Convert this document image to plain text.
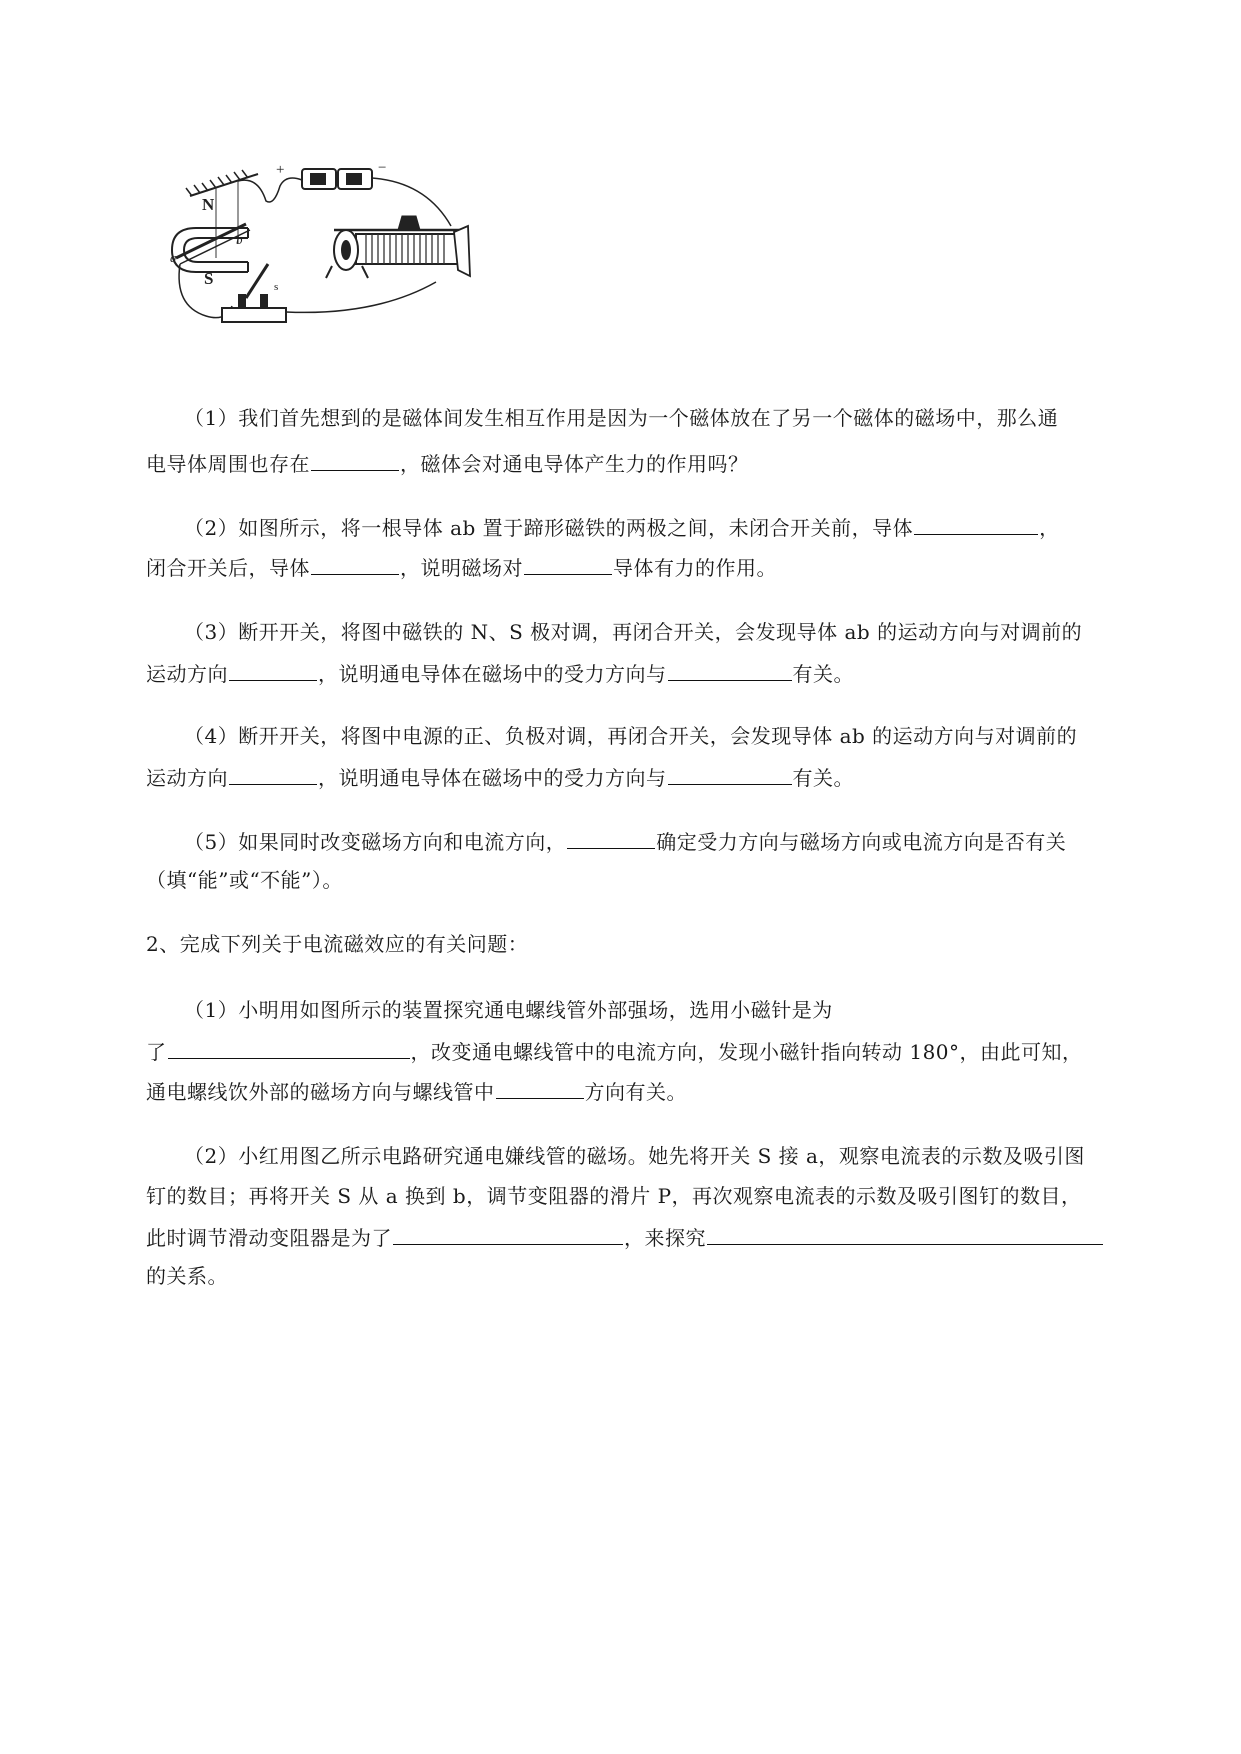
N
S
a
b
+	−
s
（1）我们首先想到的是磁体间发生相互作用是因为一个磁体放在了另一个磁体的磁场中，那么通
电导体周围也存在	，磁体会对通电导体产生力的作用吗？
（2）如图所示，将一根导体 ab 置于蹄形磁铁的两极之间，未闭合开关前，导体	，
闭合开关后，导体	，说明磁场对	导体有力的作用。
（3）断开开关，将图中磁铁的 N、S 极对调，再闭合开关，会发现导体 ab 的运动方向与对调前的
运动方向	，说明通电导体在磁场中的受力方向与	有关。
（4）断开开关，将图中电源的正、负极对调，再闭合开关，会发现导体 ab 的运动方向与对调前的
运动方向	，说明通电导体在磁场中的受力方向与	有关。
（5）如果同时改变磁场方向和电流方向，	确定受力方向与磁场方向或电流方向是否有关
（填“能”或“不能”）。
2、完成下列关于电流磁效应的有关问题：
（1）小明用如图所示的装置探究通电螺线管外部强场，选用小磁针是为
了	，改变通电螺线管中的电流方向，发现小磁针指向转动 180°，由此可知，
通电螺线饮外部的磁场方向与螺线管中	方向有关。
（2）小红用图乙所示电路研究通电嫌线管的磁场。她先将开关 S 接 a，观察电流表的示数及吸引图
钉的数目；再将开关 S 从 a 换到 b，调节变阻器的滑片 P，再次观察电流表的示数及吸引图钉的数目，
此时调节滑动变阻器是为了	，来探究
的关系。
